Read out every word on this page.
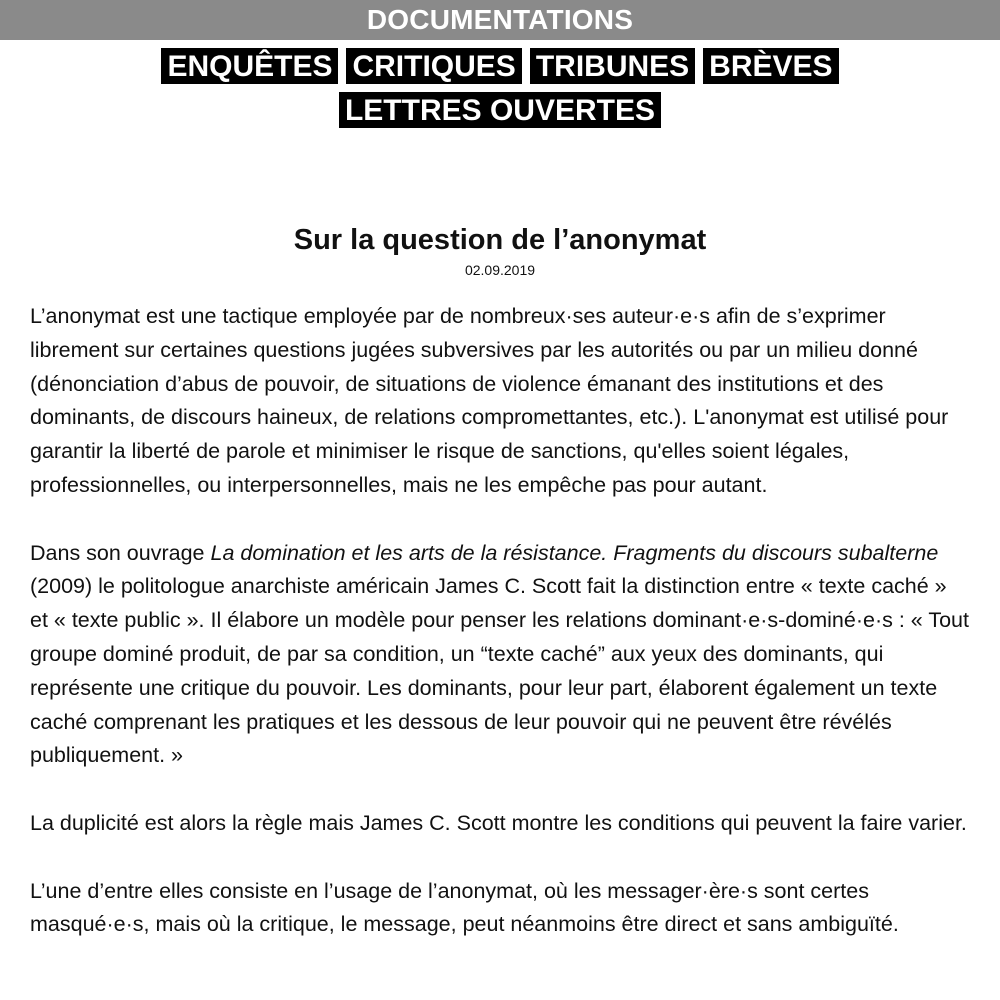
DOCUMENTATIONS
ENQUÊTES CRITIQUES TRIBUNES BRÈVES
LETTRES OUVERTES
Sur la question de l’anonymat
02.09.2019

L’anonymat est une tactique employée par de nombreux·ses auteur·e·s afin de s’exprimer librement sur certaines questions jugées subversives par les autorités ou par un milieu donné (dénonciation d’abus de pouvoir, de situations de violence émanant des institutions et des dominants, de discours haineux, de relations compromettantes, etc.). L'anonymat est utilisé pour garantir la liberté de parole et minimiser le risque de sanctions, qu'elles soient légales, professionnelles, ou interpersonnelles, mais ne les empêche pas pour autant.

Dans son ouvrage La domination et les arts de la résistance. Fragments du discours subalterne (2009) le politologue anarchiste américain James C. Scott fait la distinction entre « texte caché » et « texte public ». Il élabore un modèle pour penser les relations dominant·e·s-dominé·e·s : « Tout groupe dominé produit, de par sa condition, un “texte caché” aux yeux des dominants, qui représente une critique du pouvoir. Les dominants, pour leur part, élaborent également un texte caché comprenant les pratiques et les dessous de leur pouvoir qui ne peuvent être révélés publiquement. »

La duplicité est alors la règle mais James C. Scott montre les conditions qui peuvent la faire varier.

L’une d’entre elles consiste en l’usage de l’anonymat, où les messager·ère·s sont certes masqué·e·s, mais où la critique, le message, peut néanmoins être direct et sans ambiguïté.
